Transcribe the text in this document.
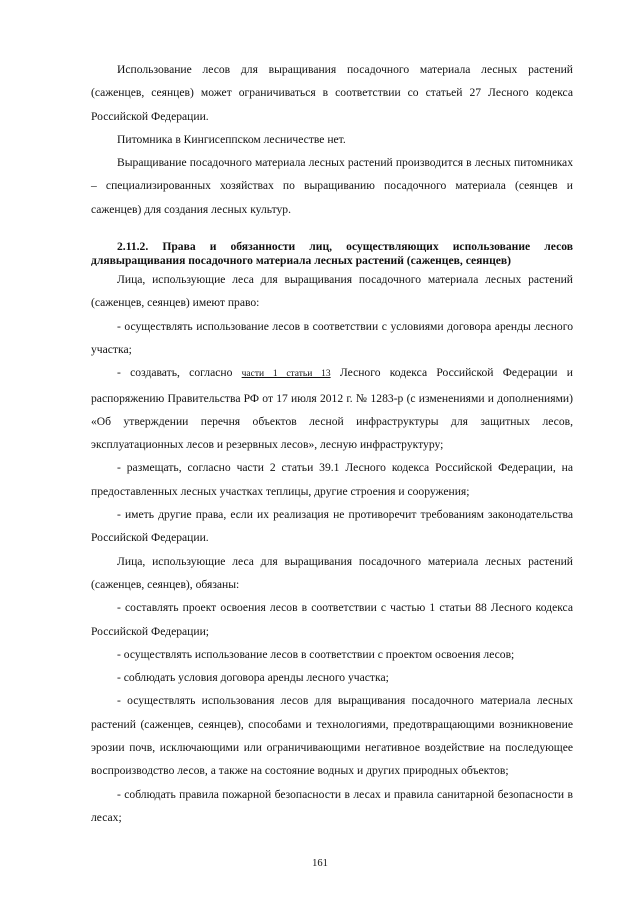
Использование лесов для выращивания посадочного материала лесных растений (саженцев, сеянцев) может ограничиваться в соответствии со статьей 27 Лесного кодекса Российской Федерации.

Питомника в Кингисеппском лесничестве нет.

Выращивание посадочного материала лесных растений производится в лесных питомниках – специализированных хозяйствах по выращиванию посадочного материала (сеянцев и саженцев) для создания лесных культур.

2.11.2. Права и обязанности лиц, осуществляющих использование лесов длявыращивания посадочного материала лесных растений (саженцев, сеянцев)

Лица, использующие леса для выращивания посадочного материала лесных растений (саженцев, сеянцев) имеют право:

- осуществлять использование лесов в соответствии с условиями договора аренды лесного участка;

- создавать, согласно части 1 статьи 13 Лесного кодекса Российской Федерации и распоряжению Правительства РФ от 17 июля 2012 г. № 1283-р (с изменениями и дополнениями) «Об утверждении перечня объектов лесной инфраструктуры для защитных лесов, эксплуатационных лесов и резервных лесов», лесную инфраструктуру;

- размещать, согласно части 2 статьи 39.1 Лесного кодекса Российской Федерации, на предоставленных лесных участках теплицы, другие строения и сооружения;

- иметь другие права, если их реализация не противоречит требованиям законодательства Российской Федерации.

Лица, использующие леса для выращивания посадочного материала лесных растений (саженцев, сеянцев), обязаны:

- составлять проект освоения лесов в соответствии с частью 1 статьи 88 Лесного кодекса Российской Федерации;

- осуществлять использование лесов в соответствии с проектом освоения лесов;

- соблюдать условия договора аренды лесного участка;

- осуществлять использования лесов для выращивания посадочного материала лесных растений (саженцев, сеянцев), способами и технологиями, предотвращающими возникновение эрозии почв, исключающими или ограничивающими негативное воздействие на последующее воспроизводство лесов, а также на состояние водных и других природных объектов;

- соблюдать правила пожарной безопасности в лесах и правила санитарной безопасности в лесах;

161
